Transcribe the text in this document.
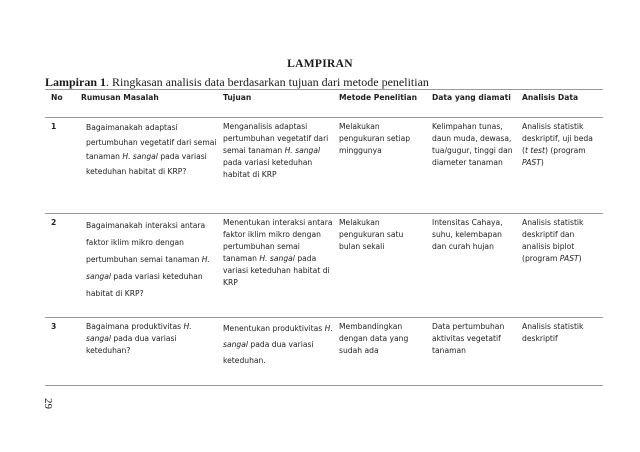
LAMPIRAN
Lampiran 1. Ringkasan analisis data berdasarkan tujuan dari metode penelitian
No	Rumusan Masalah	Tujuan	Metode Penelitian	Data yang diamati	Analisis Data
1	Bagaimanakah adaptasi pertumbuhan vegetatif dari semai tanaman H. sangal pada variasi keteduhan habitat di KRP?	Menganalisis adaptasi pertumbuhan vegetatif dari semai tanaman H. sangal pada variasi keteduhan habitat di KRP	Melakukan pengukuran setiap minggunya	Kelimpahan tunas, daun muda, dewasa, tua/gugur, tinggi dan diameter tanaman	Analisis statistik deskriptif, uji beda (t test) (program PAST)
2	Bagaimanakah interaksi antara faktor iklim mikro dengan pertumbuhan semai tanaman H. sangal pada variasi keteduhan habitat di KRP?	Menentukan interaksi antara faktor iklim mikro dengan pertumbuhan semai tanaman H. sangal pada variasi keteduhan habitat di KRP	Melakukan pengukuran satu bulan sekali	Intensitas Cahaya, suhu, kelembapan dan curah hujan	Analisis statistik deskriptif dan analisis biplot (program PAST)
3	Bagaimana produktivitas H. sangal pada dua variasi keteduhan?	Menentukan produktivitas H. sangal pada dua variasi keteduhan.	Membandingkan dengan data yang sudah ada	Data pertumbuhan aktivitas vegetatif tanaman	Analisis statistik deskriptif
29
